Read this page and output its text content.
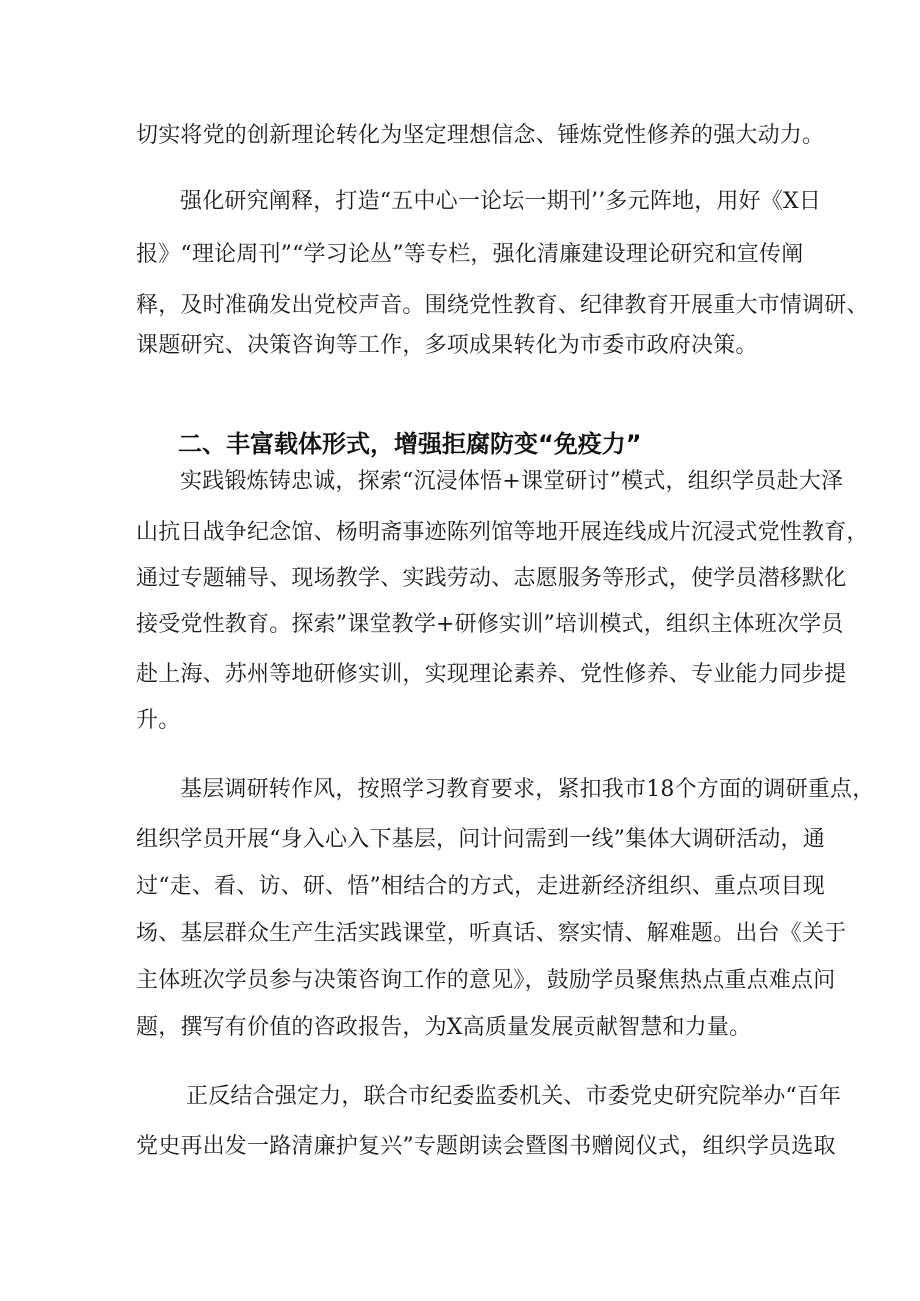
切实将党的创新理论转化为坚定理想信念、锤炼党性修养的强大动力。

强化研究阐释，打造“五中心一论坛一期刊’’多元阵地，用好《X日

报》“理论周刊”“学习论丛”等专栏，强化清廉建设理论研究和宣传阐

释，及时准确发出党校声音。围绕党性教育、纪律教育开展重大市情调研、

课题研究、决策咨询等工作，多项成果转化为市委市政府决策。

二、丰富载体形式，增强拒腐防变“免疫力”

实践锻炼铸忠诚，探索“沉浸体悟+课堂研讨”模式，组织学员赴大泽

山抗日战争纪念馆、杨明斋事迹陈列馆等地开展连线成片沉浸式党性教育，

通过专题辅导、现场教学、实践劳动、志愿服务等形式，使学员潜移默化

接受党性教育。探索”课堂教学+研修实训”培训模式，组织主体班次学员

赴上海、苏州等地研修实训，实现理论素养、党性修养、专业能力同步提

升。

基层调研转作风，按照学习教育要求，紧扣我市18个方面的调研重点，

组织学员开展“身入心入下基层，问计问需到一线”集体大调研活动，通

过“走、看、访、研、悟”相结合的方式，走进新经济组织、重点项目现

场、基层群众生产生活实践课堂，听真话、察实情、解难题。出台《关于

主体班次学员参与决策咨询工作的意见》，鼓励学员聚焦热点重点难点问

题，撰写有价值的咨政报告，为X高质量发展贡献智慧和力量。

正反结合强定力，联合市纪委监委机关、市委党史研究院举办“百年

党史再出发一路清廉护复兴”专题朗读会暨图书赠阅仪式，组织学员选取
